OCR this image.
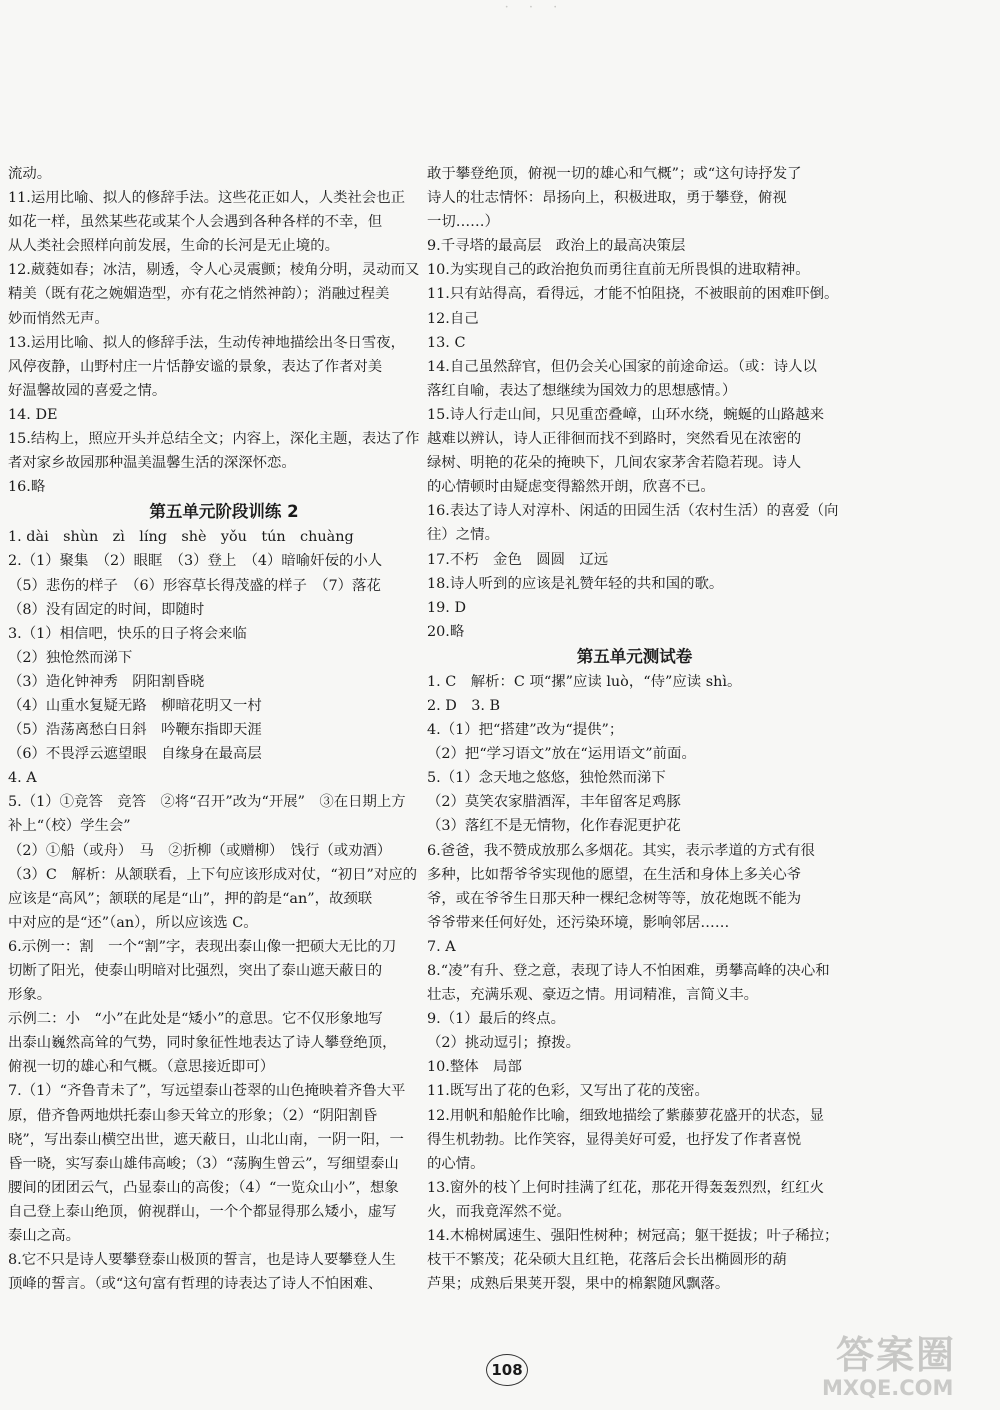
· · ·
流动。
11.运用比喻、拟人的修辞手法。这些花正如人，人类社会也正
如花一样，虽然某些花或某个人会遇到各种各样的不幸，但
从人类社会照样向前发展，生命的长河是无止境的。
12.葳蕤如春；冰洁，剔透，令人心灵震颤；棱角分明，灵动而又
精美（既有花之婉媚造型，亦有花之悄然神韵）；消融过程美
妙而悄然无声。
13.运用比喻、拟人的修辞手法，生动传神地描绘出冬日雪夜，
风停夜静，山野村庄一片恬静安谧的景象，表达了作者对美
好温馨故园的喜爱之情。
14. DE
15.结构上，照应开头并总结全文；内容上，深化主题，表达了作
者对家乡故园那种温美温馨生活的深深怀恋。
16.略
第五单元阶段训练 2
1. dài　shùn　zì　líng　shè　yǒu　tún　chuàng
2.（1）聚集　（2）眼眶　（3）登上　（4）暗喻奸佞的小人
（5）悲伤的样子　（6）形容草长得茂盛的样子　（7）落花
（8）没有固定的时间，即随时
3.（1）相信吧，快乐的日子将会来临
（2）独怆然而涕下
（3）造化钟神秀　阴阳割昏晓
（4）山重水复疑无路　柳暗花明又一村
（5）浩荡离愁白日斜　吟鞭东指即天涯
（6）不畏浮云遮望眼　自缘身在最高层
4. A
5.（1）①竞答　竞答　②将“召开”改为“开展”　③在日期上方
补上“（校）学生会”
（2）①船（或舟）　马　②折柳（或赠柳）　饯行（或劝酒）
（3）C　解析：从颔联看，上下句应该形成对仗，“初日”对应的
应该是“高风”；颔联的尾是“山”，押的韵是“an”，故颈联
中对应的是“还”（an），所以应该选 C。
6.示例一：割　一个“割”字，表现出泰山像一把硕大无比的刀
切断了阳光，使泰山明暗对比强烈，突出了泰山遮天蔽日的
形象。
示例二：小　“小”在此处是“矮小”的意思。它不仅形象地写
出泰山巍然高耸的气势，同时象征性地表达了诗人攀登绝顶，
俯视一切的雄心和气概。（意思接近即可）
7.（1）“齐鲁青未了”，写远望泰山苍翠的山色掩映着齐鲁大平
原，借齐鲁两地烘托泰山参天耸立的形象；（2）“阴阳割昏
晓”，写出泰山横空出世，遮天蔽日，山北山南，一阴一阳，一
昏一晓，实写泰山雄伟高峻；（3）“荡胸生曾云”，写细望泰山
腰间的团团云气，凸显泰山的高俊；（4）“一览众山小”，想象
自己登上泰山绝顶，俯视群山，一个个都显得那么矮小，虚写
泰山之高。
8.它不只是诗人要攀登泰山极顶的誓言，也是诗人要攀登人生
顶峰的誓言。（或“这句富有哲理的诗表达了诗人不怕困难、
敢于攀登绝顶，俯视一切的雄心和气概”；或“这句诗抒发了
诗人的壮志情怀：昂扬向上，积极进取，勇于攀登，俯视
一切……）
9.千寻塔的最高层　政治上的最高决策层
10.为实现自己的政治抱负而勇往直前无所畏惧的进取精神。
11.只有站得高，看得远，才能不怕阻挠，不被眼前的困难吓倒。
12.自己
13. C
14.自己虽然辞官，但仍会关心国家的前途命运。（或：诗人以
落红自喻，表达了想继续为国效力的思想感情。）
15.诗人行走山间，只见重峦叠嶂，山环水绕，蜿蜒的山路越来
越难以辨认，诗人正徘徊而找不到路时，突然看见在浓密的
绿树、明艳的花朵的掩映下，几间农家茅舍若隐若现。诗人
的心情顿时由疑虑变得豁然开朗，欣喜不已。
16.表达了诗人对淳朴、闲适的田园生活（农村生活）的喜爱（向
往）之情。
17.不朽　金色　圆圆　辽远
18.诗人听到的应该是礼赞年轻的共和国的歌。
19. D
20.略
第五单元测试卷
1. C　解析：C 项“摞”应读 luò，“侍”应读 shì。
2. D　3. B
4.（1）把“搭建”改为“提供”；
（2）把“学习语文”放在“运用语文”前面。
5.（1）念天地之悠悠，独怆然而涕下
（2）莫笑农家腊酒浑，丰年留客足鸡豚
（3）落红不是无情物，化作春泥更护花
6.爸爸，我不赞成放那么多烟花。其实，表示孝道的方式有很
多种，比如帮爷爷实现他的愿望，在生活和身体上多关心爷
爷，或在爷爷生日那天种一棵纪念树等等，放花炮既不能为
爷爷带来任何好处，还污染环境，影响邻居……
7. A
8.“凌”有升、登之意，表现了诗人不怕困难，勇攀高峰的决心和
壮志，充满乐观、豪迈之情。用词精准，言简义丰。
9.（1）最后的终点。
（2）挑动逗引；撩拨。
10.整体　局部
11.既写出了花的色彩，又写出了花的茂密。
12.用帆和船舱作比喻，细致地描绘了紫藤萝花盛开的状态，显
得生机勃勃。比作笑容，显得美好可爱，也抒发了作者喜悦
的心情。
13.窗外的枝丫上何时挂满了红花，那花开得轰轰烈烈，红红火
火，而我竟浑然不觉。
14.木棉树属速生、强阳性树种；树冠高；躯干挺拔；叶子稀拉；
枝干不繁茂；花朵硕大且红艳，花落后会长出椭圆形的葫
芦果；成熟后果荚开裂，果中的棉絮随风飘落。
108	答案圈
MXQE.COM
